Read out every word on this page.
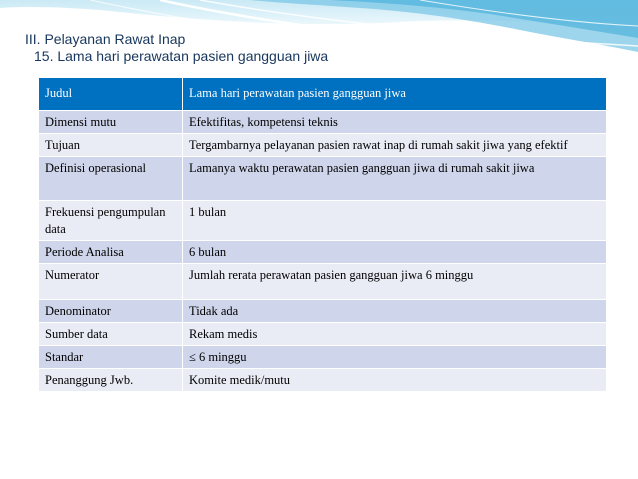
III. Pelayanan Rawat Inap
15. Lama hari perawatan pasien gangguan jiwa
Judul	Lama hari perawatan pasien gangguan jiwa
Dimensi mutu	Efektifitas, kompetensi teknis
Tujuan	Tergambarnya pelayanan pasien rawat inap di rumah sakit jiwa yang efektif
Definisi operasional	Lamanya waktu perawatan pasien gangguan jiwa di rumah sakit jiwa
Frekuensi pengumpulan data	1 bulan
Periode Analisa	6 bulan
Numerator	Jumlah rerata perawatan pasien gangguan jiwa 6 minggu
Denominator	Tidak ada
Sumber data	Rekam medis
Standar	≤ 6 minggu
Penanggung Jwb.	Komite medik/mutu
